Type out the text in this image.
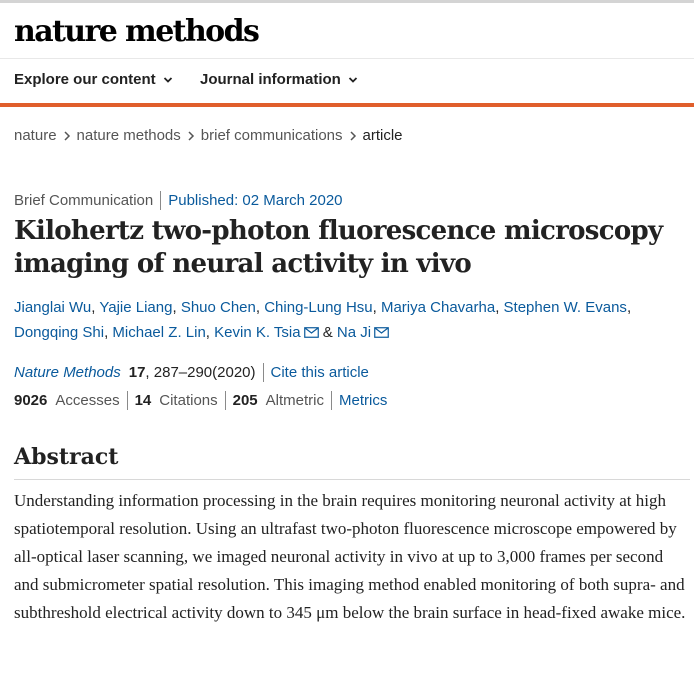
nature methods
Explore our content	Journal information
nature nature methods brief communications article
Brief Communication Published: 02 March 2020
Kilohertz two-photon fluorescence microscopy imaging of neural activity in vivo
Jianglai Wu, Yajie Liang, Shuo Chen, Ching-Lung Hsu, Mariya Chavarha, Stephen W. Evans, Dongqing Shi, Michael Z. Lin, Kevin K. Tsia & Na Ji
Nature Methods 17 , 287–290 (2020) Cite this article
9026 Accesses 14 Citations 205 Altmetric Metrics
Abstract

Understanding information processing in the brain requires monitoring neuronal activity at high spatiotemporal resolution. Using an ultrafast two-photon fluorescence microscope empowered by all-optical laser scanning, we imaged neuronal activity in vivo at up to 3,000 frames per second and submicrometer spatial resolution. This imaging method enabled monitoring of both supra- and subthreshold electrical activity down to 345 μm below the brain surface in head-fixed awake mice.
